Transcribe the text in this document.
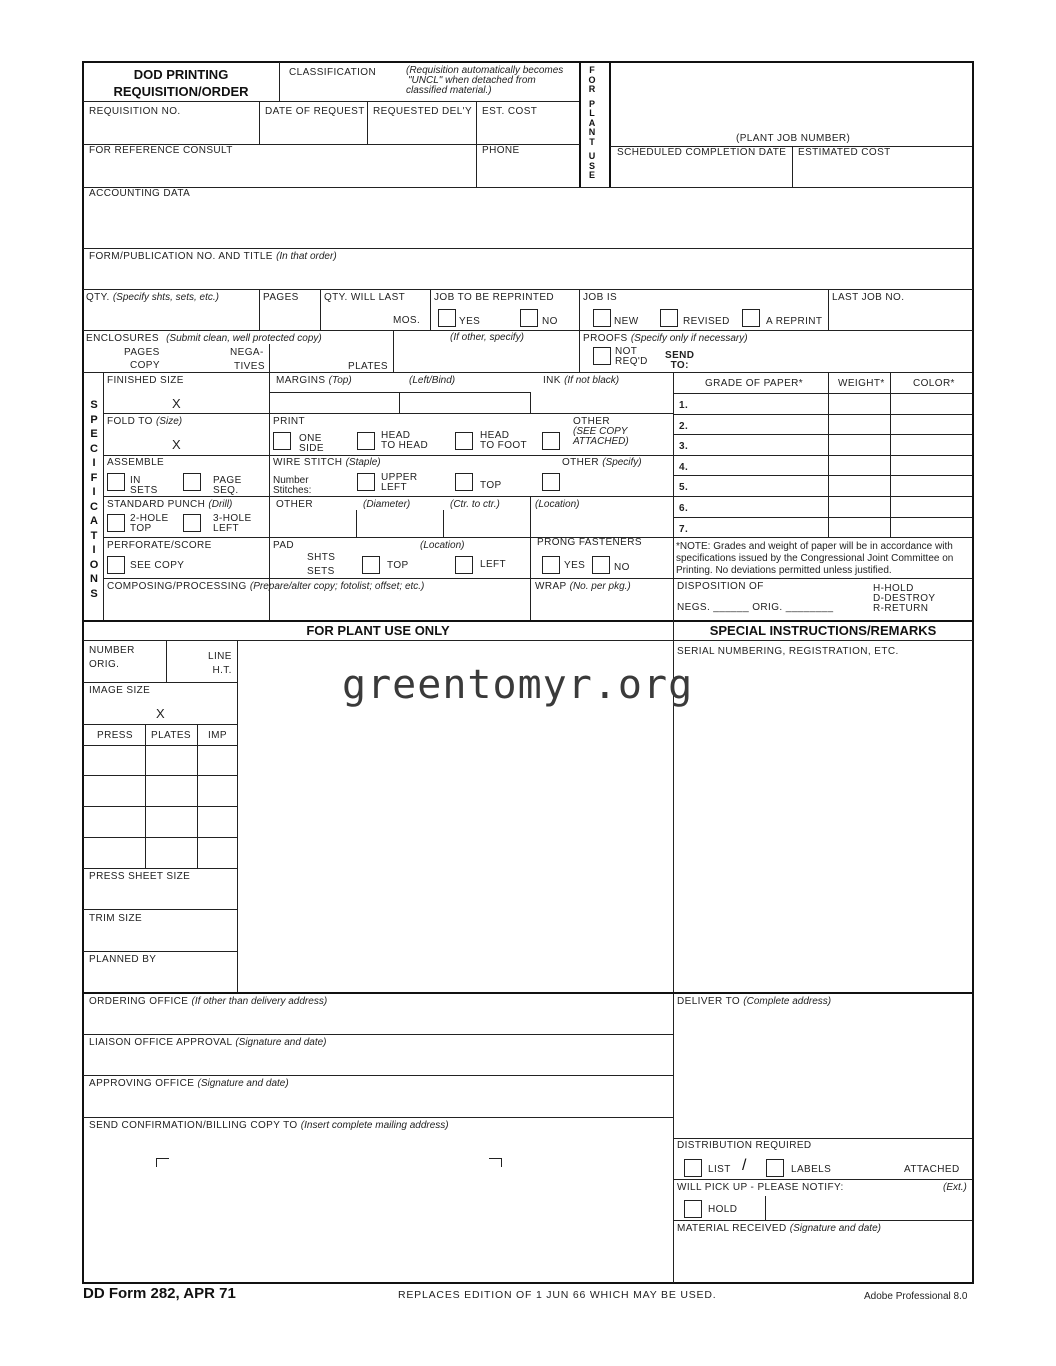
DOD PRINTING
REQUISITION/ORDER
CLASSIFICATION	(Requisition automatically becomes
"UNCL" when detached from
classified material.)
F O R
P L A N T
U S E
(PLANT JOB NUMBER)
SCHEDULED COMPLETION DATE ESTIMATED COST
REQUISITION NO.	DATE OF REQUEST REQUESTED DEL'Y EST. COST
FOR REFERENCE CONSULT	PHONE
ACCOUNTING DATA
FORM/PUBLICATION NO. AND TITLE (In that order)
QTY. (Specify shts, sets, etc.)	PAGES	QTY. WILL LAST
MOS.
JOB TO BE REPRINTED
YES	NO
JOB IS
NEW	REVISED	A REPRINT
LAST JOB NO.
ENCLOSURES (Submit clean, well protected copy)
PAGES
COPY
NEGA-
TIVES	PLATES
(If other, specify)	PROOFS (Specify only if necessary)
NOT
REQ'D
SEND
TO:
S P E C I F I C A T I O N S
FINISHED SIZE
X
MARGINS (Top)	(Left/Bind)	INK (If not black)
FOLD TO (Size)
X
PRINT
ONE
SIDE
HEAD
TO HEAD
HEAD
TO FOOT
OTHER
(SEE COPY
ATTACHED)
ASSEMBLE
IN
SETS
PAGE
SEQ.
WIRE STITCH (Staple)
Number
Stitches:
UPPER
LEFT	TOP
OTHER (Specify)
STANDARD PUNCH (Drill)
2-HOLE
TOP
3-HOLE
LEFT
OTHER	(Diameter)	(Ctr. to ctr.)	(Location)
PERFORATE/SCORE
SEE COPY
PAD
SHTS
SETS
(Location)
TOP	LEFT
PRONG FASTENERS
YES	NO
COMPOSING/PROCESSING (Prepare/alter copy; fotolist; offset; etc.)	WRAP (No. per pkg.)
GRADE OF PAPER*	WEIGHT*	COLOR*
1.
2.
3.
4.
5.
6.
7.
*NOTE: Grades and weight of paper will be in accordance with
specifications issued by the Congressional Joint Committee on
Printing. No deviations permitted unless justified.
DISPOSITION OF
NEGS. ______ ORIG. ________
H-HOLD
D-DESTROY
R-RETURN
FOR PLANT USE ONLY	SPECIAL INSTRUCTIONS/REMARKS
NUMBER
ORIG.
LINE
H.T.
IMAGE SIZE
X
PRESS PLATES IMP
PRESS SHEET SIZE
TRIM SIZE
PLANNED BY
SERIAL NUMBERING, REGISTRATION, ETC.
greentomyr.org
ORDERING OFFICE (If other than delivery address)
LIAISON OFFICE APPROVAL (Signature and date)
APPROVING OFFICE (Signature and date)
SEND CONFIRMATION/BILLING COPY TO (Insert complete mailing address)
DELIVER TO (Complete address)
DISTRIBUTION REQUIRED
LIST /	LABELS	ATTACHED
WILL PICK UP - PLEASE NOTIFY:	(Ext.)
HOLD
MATERIAL RECEIVED (Signature and date)
DD Form 282, APR 71	REPLACES EDITION OF 1 JUN 66 WHICH MAY BE USED.	Adobe Professional 8.0
